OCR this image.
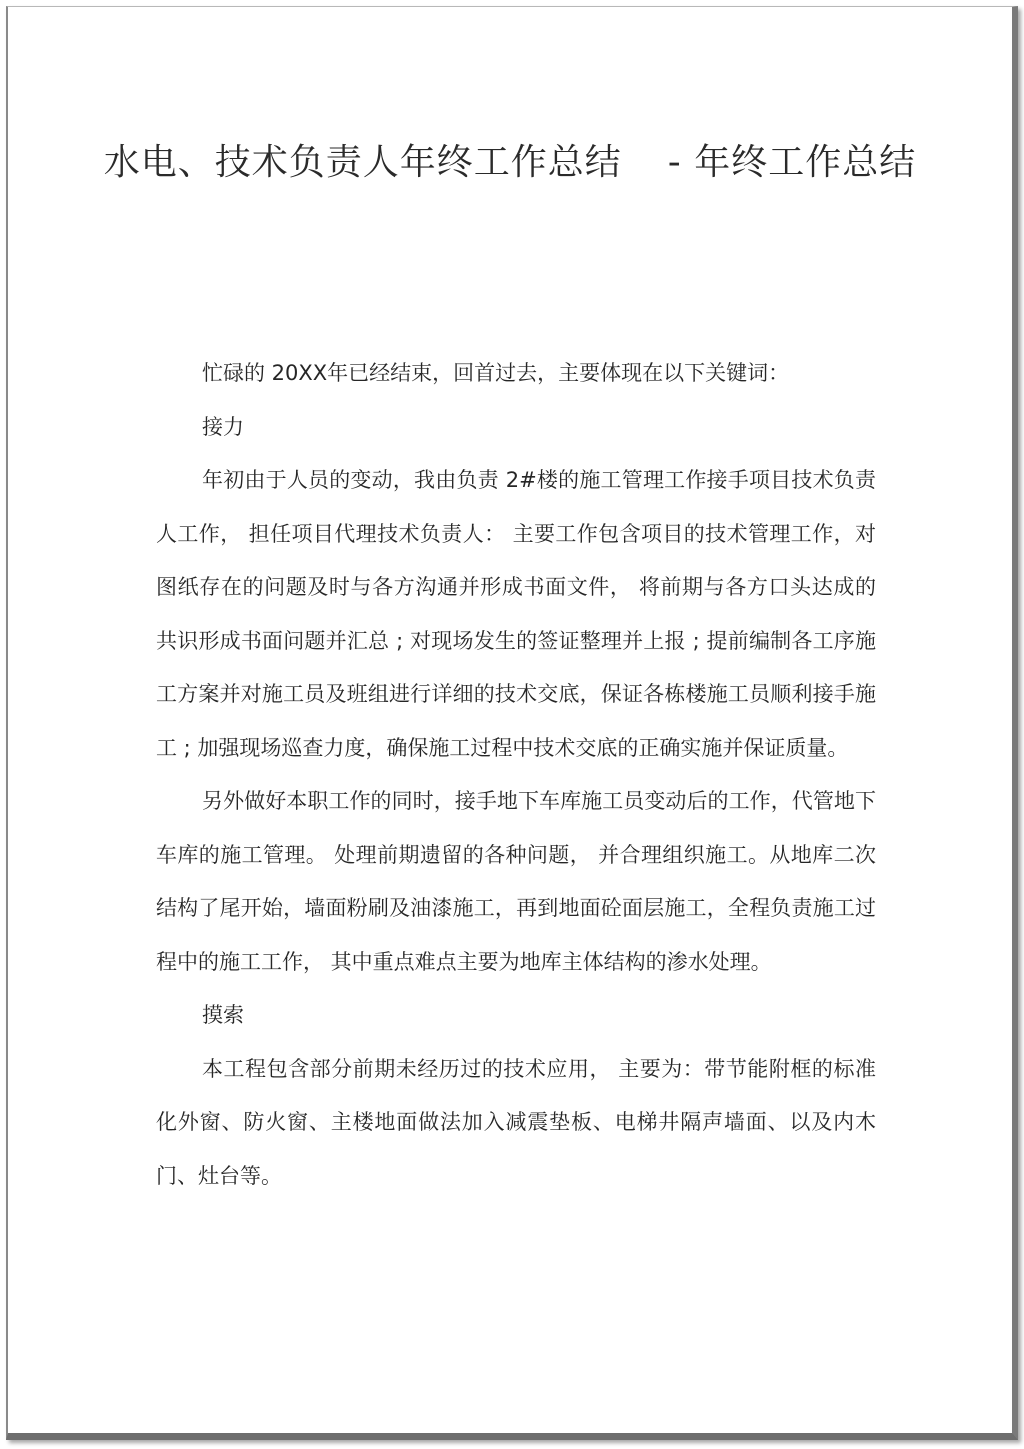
水电、技术负责人年终工作总结 - 年终工作总结

忙碌的 20XX年已经结束，回首过去，主要体现在以下关键词：

接力

年初由于人员的变动，我由负责 2#楼的施工管理工作接手项目技术负责人工作， 担任项目代理技术负责人： 主要工作包含项目的技术管理工作，对图纸存在的问题及时与各方沟通并形成书面文件， 将前期与各方口头达成的共识形成书面问题并汇总 ; 对现场发生的签证整理并上报 ; 提前编制各工序施工方案并对施工员及班组进行详细的技术交底，保证各栋楼施工员顺利接手施工 ; 加强现场巡查力度，确保施工过程中技术交底的正确实施并保证质量。

另外做好本职工作的同时，接手地下车库施工员变动后的工作，代管地下车库的施工管理。 处理前期遗留的各种问题， 并合理组织施工。从地库二次结构了尾开始，墙面粉刷及油漆施工，再到地面砼面层施工，全程负责施工过程中的施工工作， 其中重点难点主要为地库主体结构的渗水处理。

摸索

本工程包含部分前期未经历过的技术应用， 主要为：带节能附框的标准化外窗、防火窗、主楼地面做法加入减震垫板、电梯井隔声墙面、以及内木门、灶台等。
